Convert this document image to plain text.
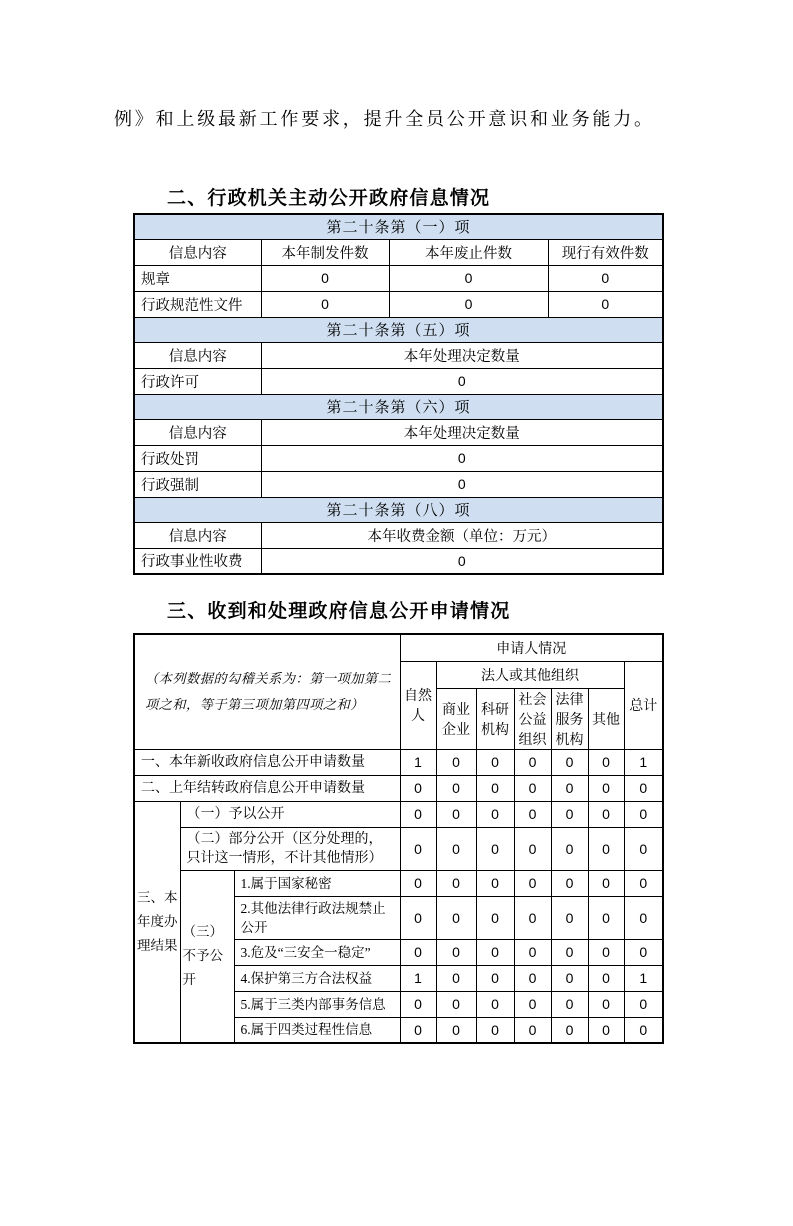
例》和上级最新工作要求，提升全员公开意识和业务能力。

二、行政机关主动公开政府信息情况
第二十条第（一）项			
信息内容	本年制发件数	本年废止件数	现行有效件数
规章	0	0	0
行政规范性文件	0	0	0
第二十条第（五）项			
信息内容	本年处理决定数量		
行政许可	0		
第二十条第（六）项			
信息内容	本年处理决定数量		
行政处罚	0		
行政强制	0		
第二十条第（八）项			
信息内容	本年收费金额（单位：万元）		
行政事业性收费	0		
三、收到和处理政府信息公开申请情况
（本列数据的勾稽关系为：第一项加第二项之和，等于第三项加第四项之和）			申请人情况						
			自然人	法人或其他组织					总计
				商业企业	科研机构	社会公益组织	法律服务机构	其他	
一、本年新收政府信息公开申请数量			1	0	0	0	0	0	1
二、上年结转政府信息公开申请数量			0	0	0	0	0	0	0
三、本年度办理结果	（一）予以公开		0	0	0	0	0	0	0
	（二）部分公开（区分处理的，只计这一情形，不计其他情形）		0	0	0	0	0	0	0
	（三）不予公开	1.属于国家秘密	0	0	0	0	0	0	0
		2.其他法律行政法规禁止公开	0	0	0	0	0	0	0
		3.危及“三安全一稳定”	0	0	0	0	0	0	0
		4.保护第三方合法权益	1	0	0	0	0	0	1
		5.属于三类内部事务信息	0	0	0	0	0	0	0
		6.属于四类过程性信息	0	0	0	0	0	0	0
